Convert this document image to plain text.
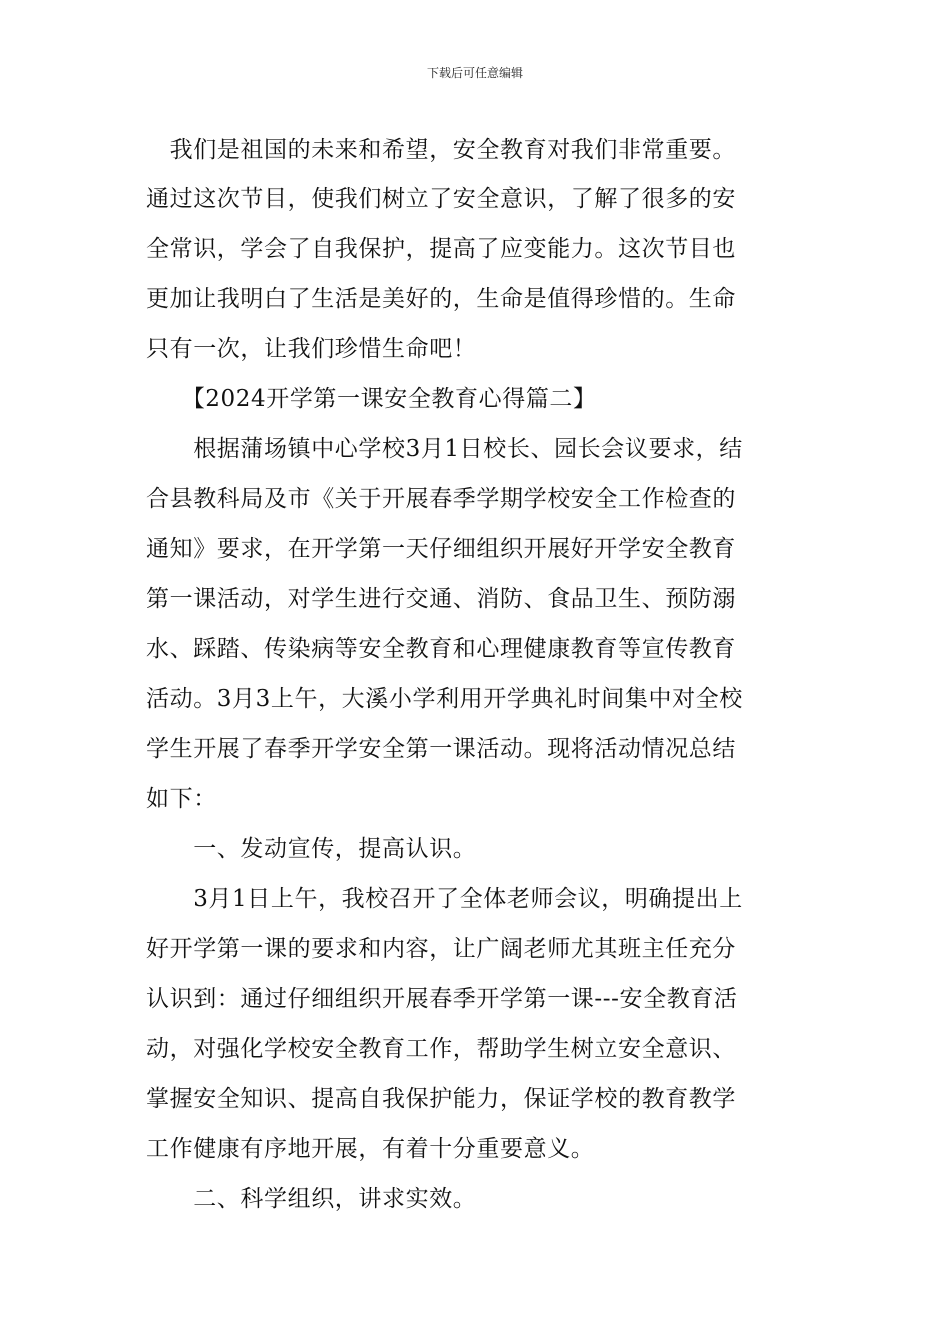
下载后可任意编辑
　我们是祖国的未来和希望，安全教育对我们非常重要。
通过这次节目，使我们树立了安全意识，了解了很多的安
全常识，学会了自我保护，提高了应变能力。这次节目也
更加让我明白了生活是美好的，生命是值得珍惜的。生命
只有一次，让我们珍惜生命吧！
　　【2024开学第一课安全教育心得篇二】
　　根据蒲场镇中心学校3月1日校长、园长会议要求，结
合县教科局及市《关于开展春季学期学校安全工作检查的
通知》要求，在开学第一天仔细组织开展好开学安全教育
第一课活动，对学生进行交通、消防、食品卫生、预防溺
水、踩踏、传染病等安全教育和心理健康教育等宣传教育
活动。3月3上午，大溪小学利用开学典礼时间集中对全校
学生开展了春季开学安全第一课活动。现将活动情况总结
如下：
　　一、发动宣传，提高认识。
　　3月1日上午，我校召开了全体老师会议，明确提出上
好开学第一课的要求和内容，让广阔老师尤其班主任充分
认识到：通过仔细组织开展春季开学第一课---安全教育活
动，对强化学校安全教育工作，帮助学生树立安全意识、
掌握安全知识、提高自我保护能力，保证学校的教育教学
工作健康有序地开展，有着十分重要意义。
　　二、科学组织，讲求实效。
